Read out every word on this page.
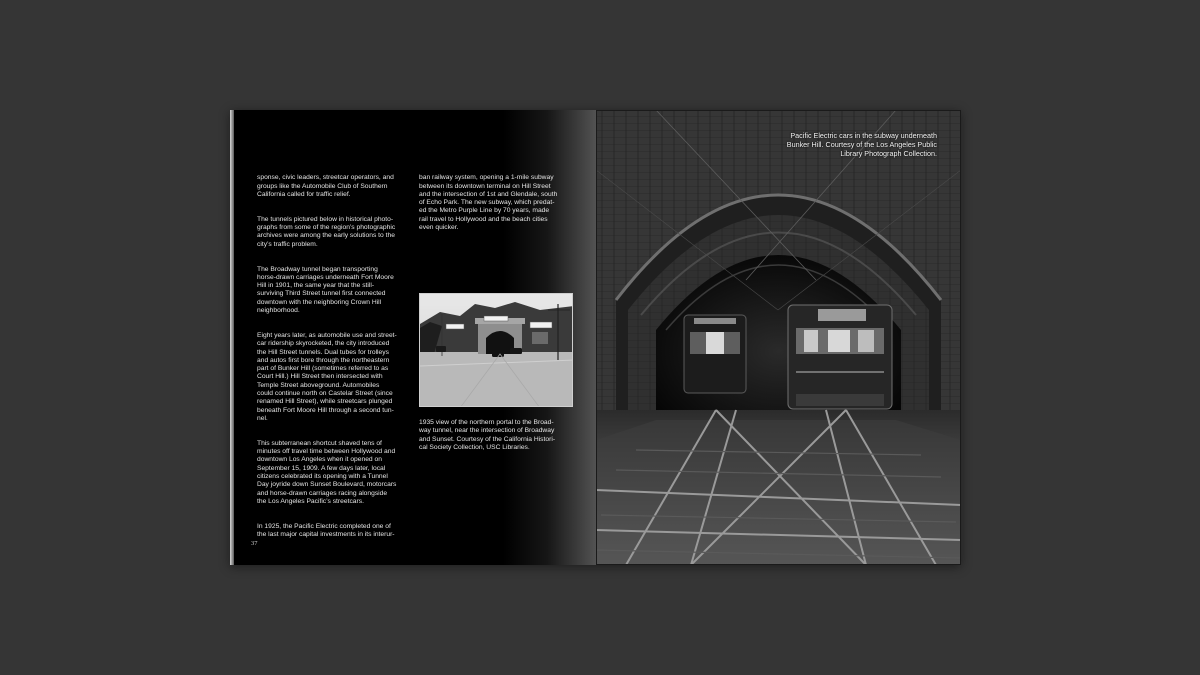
sponse, civic leaders, streetcar operators, and
groups like the Automobile Club of Southern
California called for traffic relief.

The tunnels pictured below in historical photo-
graphs from some of the region’s photographic
archives were among the early solutions to the
city’s traffic problem.

The Broadway tunnel began transporting
horse-drawn carriages underneath Fort Moore
Hill in 1901, the same year that the still-
surviving Third Street tunnel first connected
downtown with the neighboring Crown Hill
neighborhood.

Eight years later, as automobile use and street-
car ridership skyrocketed, the city introduced
the Hill Street tunnels. Dual tubes for trolleys
and autos first bore through the northeastern
part of Bunker Hill (sometimes referred to as
Court Hill.) Hill Street then intersected with
Temple Street aboveground. Automobiles
could continue north on Castelar Street (since
renamed Hill Street), while streetcars plunged
beneath Fort Moore Hill through a second tun-
nel.

This subterranean shortcut shaved tens of
minutes off travel time between Hollywood and
downtown Los Angeles when it opened on
September 15, 1909. A few days later, local
citizens celebrated its opening with a Tunnel
Day joyride down Sunset Boulevard, motorcars
and horse-drawn carriages racing alongside
the Los Angeles Pacific’s streetcars.

In 1925, the Pacific Electric completed one of
the last major capital investments in its interur-

ban railway system, opening a 1-mile subway
between its downtown terminal on Hill Street
and the intersection of 1st and Glendale, south
of Echo Park. The new subway, which predat-
ed the Metro Purple Line by 70 years, made
rail travel to Hollywood and the beach cities
even quicker.

1935 view of the northern portal to the Broad-
way tunnel, near the intersection of Broadway
and Sunset. Courtesy of the California Histori-
cal Society Collection, USC Libraries.
37
Pacific Electric cars in the subway underneath
Bunker Hill. Courtesy of the Los Angeles Public
Library Photograph Collection.
